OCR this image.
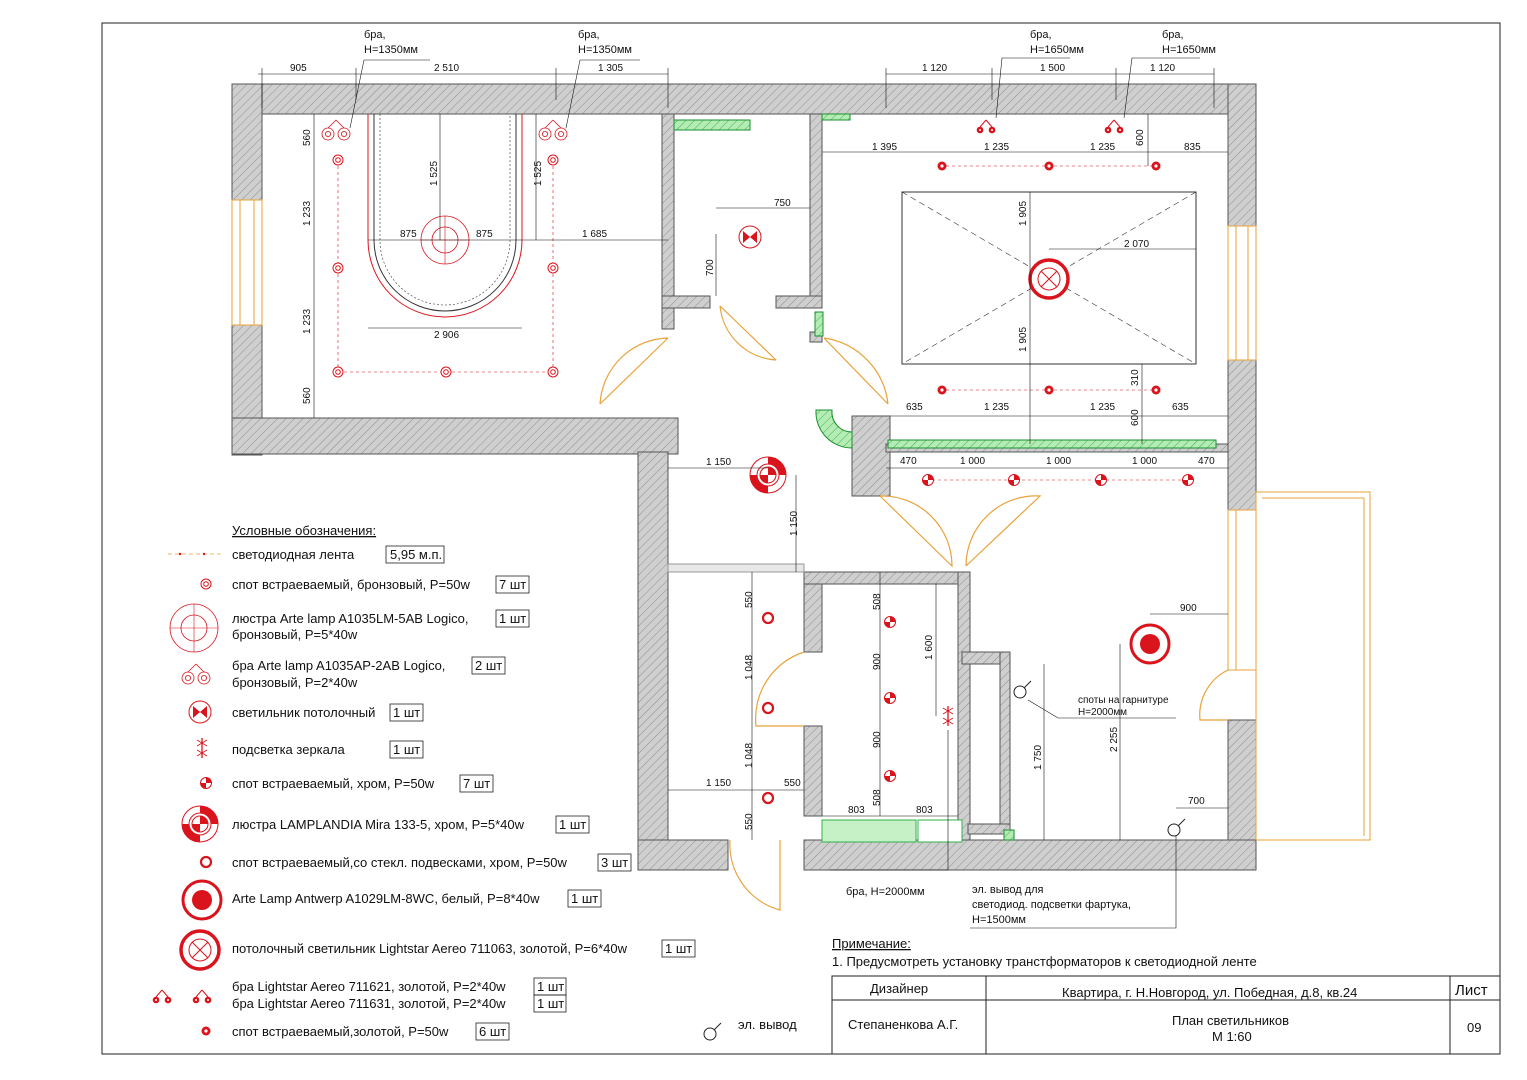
905	2 510	1 305	1 120	1 500	1 120
1 395	1 235	1 235	835
600
1 905
1 905
2 070
310
600
635	1 235	1 235	635
470	1 000	1 000	1 000	470
560
1 233
1 233
560
1 525	1 525
875	875	1 685
2 906
750
700
1 150
1 150
550
1 048
1 048
550
1 150	550
508
900
900
508
803	803
1 600
900
1 750
2 255
700
бра,
Н=1350мм
бра,
Н=1350мм
бра,
Н=1650мм
бра,
Н=1650мм
споты на гарнитуре
Н=2000мм
бра, Н=2000мм	эл. вывод для
светодиод. подсветки фартука,
Н=1500мм
Условные обозначения:
светодиодная лента	5,95 м.п.
спот встраеваемый, бронзовый, Р=50w 7 шт
люстра Arte lamp A1035LM-5AB Logico,
бронзовый, Р=5*40w
1 шт
бра Arte lamp A1035AP-2AB Logico,
бронзовый, Р=2*40w
2 шт
светильник потолочный 1 шт
подсветка зеркала	1 шт
спот встраеваемый, хром, Р=50w 7 шт
люстра LAMPLANDIA Mira 133-5, хром, Р=5*40w	1 шт
спот встраеваемый,со стекл. подвесками, хром, Р=50w	3 шт
Arte Lamp Antwerp A1029LM-8WC, белый, Р=8*40w 1 шт
потолочный светильник Lightstar Aereo 711063, золотой, Р=6*40w	1 шт
бра Lightstar Aereo 711621, золотой, Р=2*40w 1 шт
бра Lightstar Aereo 711631, золотой, Р=2*40w 1 шт
спот встраеваемый,золотой, Р=50w 6 шт	эл. вывод
Примечание:
1. Предусмотреть установку транстформаторов к светодиодной ленте
Дизайнер
Степаненкова А.Г.
Квартира, г. Н.Новгород, ул. Победная, д.8, кв.24
План светильников
М 1:60
Лист
09
